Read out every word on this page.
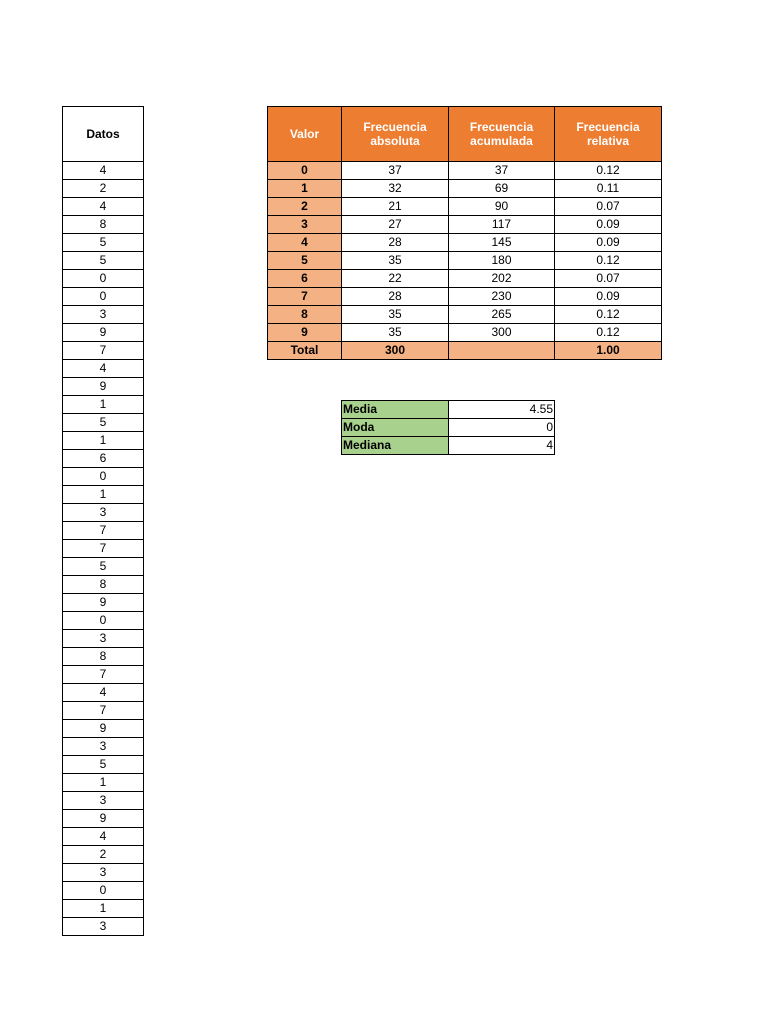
Datos
4
2
4
8
5
5
0
0
3
9
7
4
9
1
5
1
6
0
1
3
7
7
5
8
9
0
3
8
7
4
7
9
3
5
1
3
9
4
2
3
0
1
3
Valor	Frecuencia absoluta	Frecuencia acumulada	Frecuencia relativa
0	37	37	0.12
1	32	69	0.11
2	21	90	0.07
3	27	117	0.09
4	28	145	0.09
5	35	180	0.12
6	22	202	0.07
7	28	230	0.09
8	35	265	0.12
9	35	300	0.12
Total	300		1.00
Media	4.55
Moda	0
Mediana	4
